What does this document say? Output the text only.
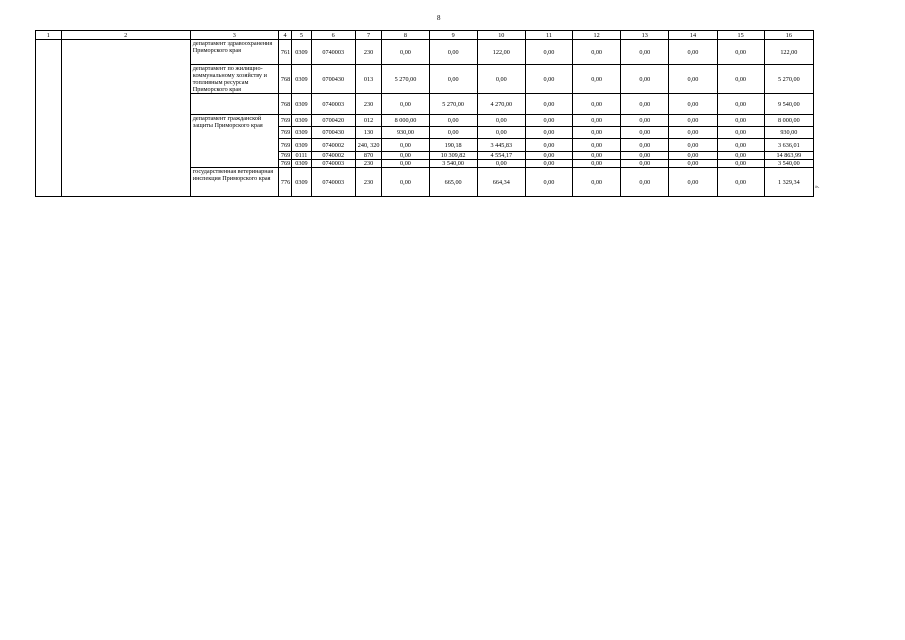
8
1	2	3	4	5	6	7	8	9	10	11	12	13	14	15	16
		департамент здравоохранения Приморского края	761	0309	0740003	230	0,00	0,00	122,00	0,00	0,00	0,00	0,00	0,00	122,00
		департамент по жилищно-коммунальному хозяйству и топливным ресурсам Приморского края	768	0309	0700430	013	5 270,00	0,00	0,00	0,00	0,00	0,00	0,00	0,00	5 270,00
			768	0309	0740003	230	0,00	5 270,00	4 270,00	0,00	0,00	0,00	0,00	0,00	9 540,00
		департамент гражданской защиты Приморского края	769	0309	0700420	012	8 000,00	0,00	0,00	0,00	0,00	0,00	0,00	0,00	8 000,00
			769	0309	0700430	130	930,00	0,00	0,00	0,00	0,00	0,00	0,00	0,00	930,00
			769	0309	0740002	240, 320	0,00	190,18	3 445,83	0,00	0,00	0,00	0,00	0,00	3 636,01
			769	0111	0740002	870	0,00	10 309,82	4 554,17	0,00	0,00	0,00	0,00	0,00	14 863,99
			769	0309	0740003	230	0,00	3 540,00	0,00	0,00	0,00	0,00	0,00	0,00	3 540,00
		государственная ветеринарная инспекция Приморского края	776	0309	0740003	230	0,00	665,00	664,34	0,00	0,00	0,00	0,00	0,00	1 329,34
».
